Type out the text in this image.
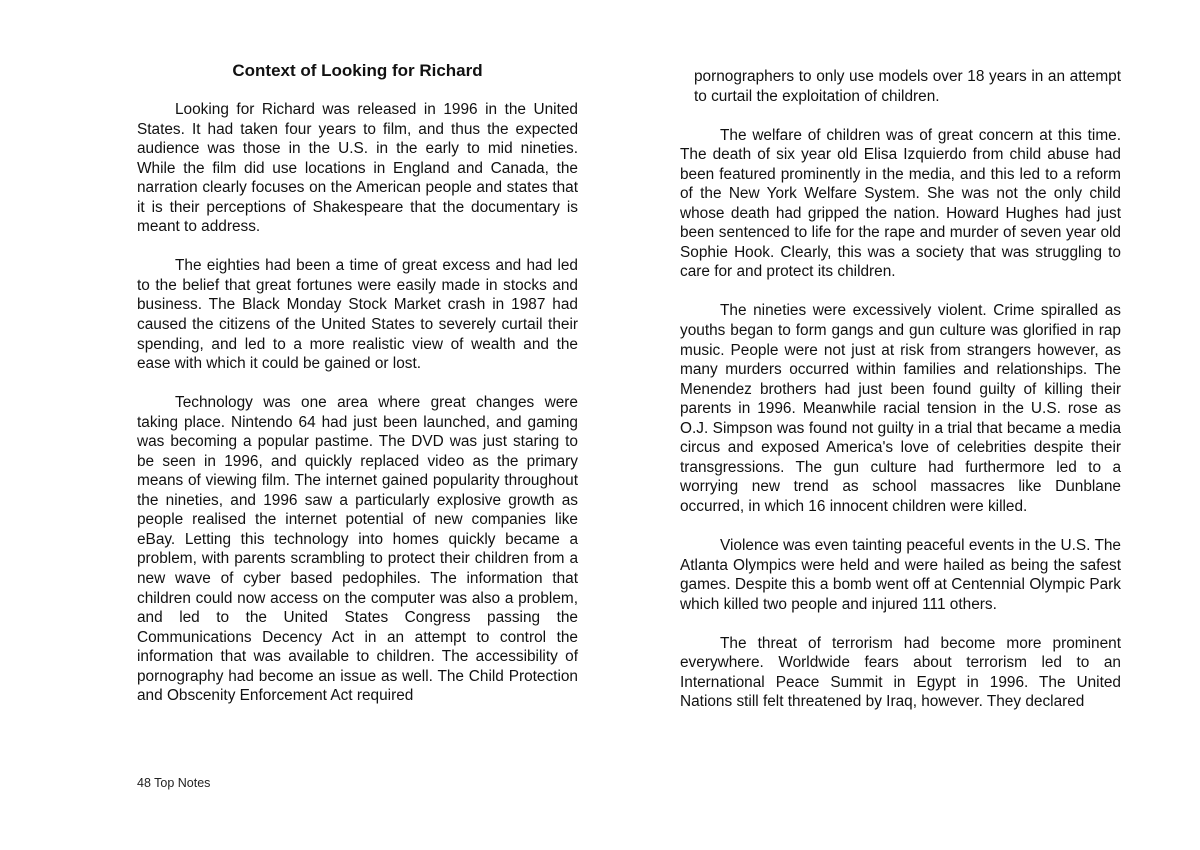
Context of Looking for Richard

Looking for Richard was released in 1996 in the United States. It had taken four years to film, and thus the expected audience was those in the U.S. in the early to mid nineties. While the film did use locations in England and Canada, the narration clearly focuses on the American people and states that it is their perceptions of Shakespeare that the documentary is meant to address.

The eighties had been a time of great excess and had led to the belief that great fortunes were easily made in stocks and business. The Black Monday Stock Market crash in 1987 had caused the citizens of the United States to severely curtail their spending, and led to a more realistic view of wealth and the ease with which it could be gained or lost.

Technology was one area where great changes were taking place. Nintendo 64 had just been launched, and gaming was becoming a popular pastime. The DVD was just staring to be seen in 1996, and quickly replaced video as the primary means of viewing film. The internet gained popularity throughout the nineties, and 1996 saw a particularly explosive growth as people realised the internet potential of new companies like eBay. Letting this technology into homes quickly became a problem, with parents scrambling to protect their children from a new wave of cyber based pedophiles. The information that children could now access on the computer was also a problem, and led to the United States Congress passing the Communications Decency Act in an attempt to control the information that was available to children. The accessibility of pornography had become an issue as well. The Child Protection and Obscenity Enforcement Act required

48 Top Notes

pornographers to only use models over 18 years in an attempt to curtail the exploitation of children.

The welfare of children was of great concern at this time. The death of six year old Elisa Izquierdo from child abuse had been featured prominently in the media, and this led to a reform of the New York Welfare System. She was not the only child whose death had gripped the nation. Howard Hughes had just been sentenced to life for the rape and murder of seven year old Sophie Hook. Clearly, this was a society that was struggling to care for and protect its children.

The nineties were excessively violent. Crime spiralled as youths began to form gangs and gun culture was glorified in rap music. People were not just at risk from strangers however, as many murders occurred within families and relationships. The Menendez brothers had just been found guilty of killing their parents in 1996. Meanwhile racial tension in the U.S. rose as O.J. Simpson was found not guilty in a trial that became a media circus and exposed America's love of celebrities despite their transgressions. The gun culture had furthermore led to a worrying new trend as school massacres like Dunblane occurred, in which 16 innocent children were killed.

Violence was even tainting peaceful events in the U.S. The Atlanta Olympics were held and were hailed as being the safest games. Despite this a bomb went off at Centennial Olympic Park which killed two people and injured 111 others.

The threat of terrorism had become more prominent everywhere. Worldwide fears about terrorism led to an International Peace Summit in Egypt in 1996. The United Nations still felt threatened by Iraq, however. They declared
